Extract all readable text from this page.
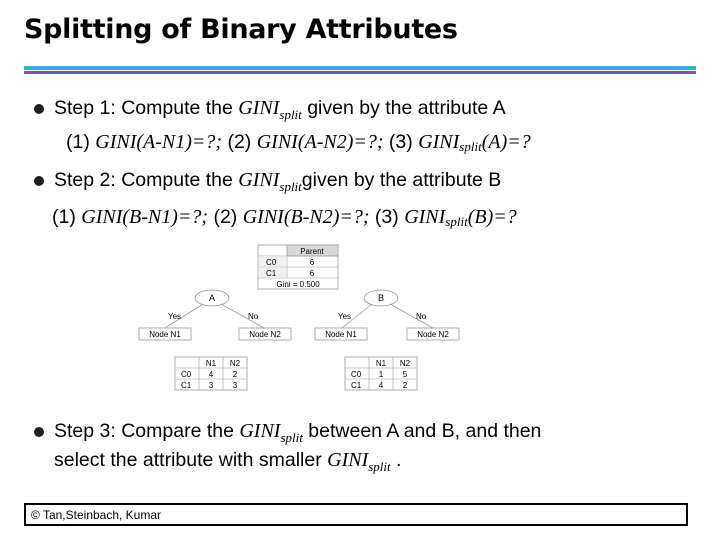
Splitting of Binary Attributes
Step 1: Compute the $GINI_{split}$ given by the attribute A
(1) GINI(A-N1)=?; (2) GINI(A-N2)=?; (3) GINIsplit(A)=?
Step 2: Compute the $GINI_{split}given$ by the attribute B
(1) GINI(B-N1)=?; (2) GINI(B-N2)=?; (3) GINIsplit(B)=?
Parent
C0	6
C1	6
Gini = 0.500
A
Yes	No
Node N1	Node N2
N1 N2
C0 4 2
C1 3 3
B
Yes	No
Node N1	Node N2
N1 N2
C0 1 5
C1 4 2
Step 3: Compare the $GINI_{split}$ between A and B, and then
select the attribute with smaller $GINI_{split}$ .
© Tan,Steinbach, Kumar
